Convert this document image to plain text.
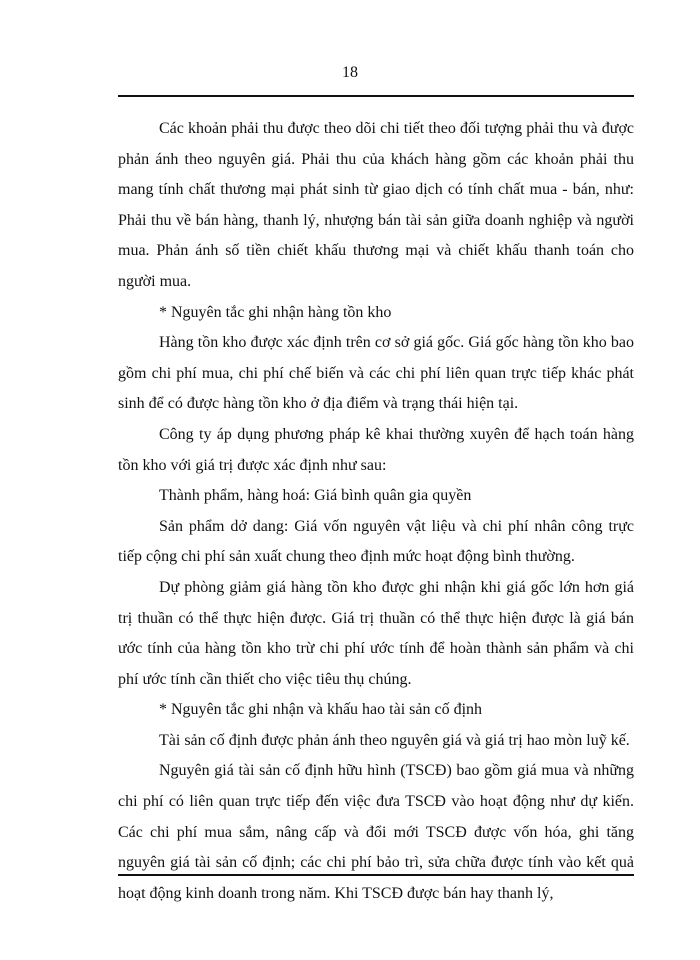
18

Các khoản phải thu được theo dõi chi tiết theo đối tượng phải thu và được phản ánh theo nguyên giá. Phải thu của khách hàng gồm các khoản phải thu mang tính chất thương mại phát sinh từ giao dịch có tính chất mua - bán, như: Phải thu về bán hàng, thanh lý, nhượng bán tài sản giữa doanh nghiệp và người mua. Phản ánh số tiền chiết khấu thương mại và chiết khấu thanh toán cho người mua.

* Nguyên tắc ghi nhận hàng tồn kho

Hàng tồn kho được xác định trên cơ sở giá gốc. Giá gốc hàng tồn kho bao gồm chi phí mua, chi phí chế biến và các chi phí liên quan trực tiếp khác phát sinh để có được hàng tồn kho ở địa điểm và trạng thái hiện tại.

Công ty áp dụng phương pháp kê khai thường xuyên để hạch toán hàng tồn kho với giá trị được xác định như sau:

Thành phẩm, hàng hoá: Giá bình quân gia quyền

Sản phẩm dở dang: Giá vốn nguyên vật liệu và chi phí nhân công trực tiếp cộng chi phí sản xuất chung theo định mức hoạt động bình thường.

Dự phòng giảm giá hàng tồn kho được ghi nhận khi giá gốc lớn hơn giá trị thuần có thể thực hiện được. Giá trị thuần có thể thực hiện được là giá bán ước tính của hàng tồn kho trừ chi phí ước tính để hoàn thành sản phẩm và chi phí ước tính cần thiết cho việc tiêu thụ chúng.

* Nguyên tắc ghi nhận và khấu hao tài sản cố định

Tài sản cố định được phản ánh theo nguyên giá và giá trị hao mòn luỹ kế.

Nguyên giá tài sản cố định hữu hình (TSCĐ) bao gồm giá mua và những chi phí có liên quan trực tiếp đến việc đưa TSCĐ vào hoạt động như dự kiến. Các chi phí mua sắm, nâng cấp và đổi mới TSCĐ được vốn hóa, ghi tăng nguyên giá tài sản cố định; các chi phí bảo trì, sửa chữa được tính vào kết quả hoạt động kinh doanh trong năm. Khi TSCĐ được bán hay thanh lý,
